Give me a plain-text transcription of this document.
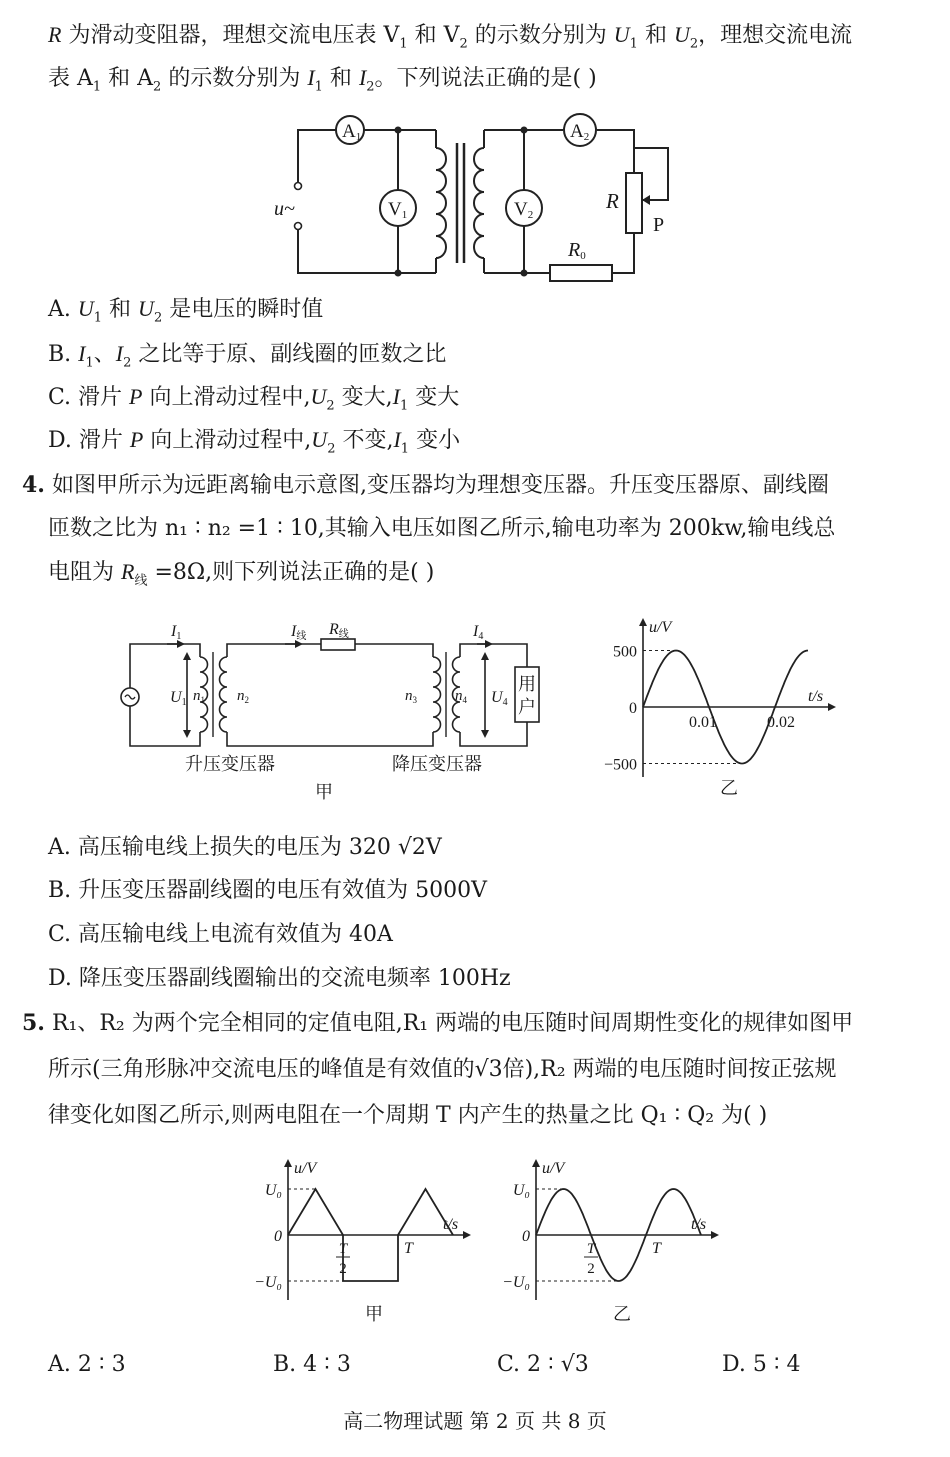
R 为滑动变阻器，理想交流电压表 $V_1$ 和 $V_2$ 的示数分别为 $U_1$ 和 $U_2$，理想交流电流
表 $A_1$ 和 $A_2$ 的示数分别为 $I_1$ 和 $I_2$。下列说法正确的是( )
A1	A2
V1	V2
u~	R
P
R0
A. $U_1$ 和 $U_2$ 是电压的瞬时值
B. $I_1$、$I_2$ 之比等于原、副线圈的匝数之比
C. 滑片 P 向上滑动过程中$,U_2$ 变大$,I_1$ 变大
D. 滑片 P 向上滑动过程中$,U_2$ 不变$,I_1$ 变小
4. 如图甲所示为远距离输电示意图,变压器均为理想变压器。升压变压器原、副线圈
匝数之比为 n₁ ∶ n₂ =1 ∶ 10,其输入电压如图乙所示,输电功率为 200kw,输电线总
电阻为 $R_线 =8\Omega$,则下列说法正确的是( )
I1	I线 R线	I4
U1 $n_1$ $n_2$	$n_3$	$n_4$ U4
用
户
升压变压器	降压变压器
甲
u/V
t/s
500
0
−500
0.01	0.02
乙
A. 高压输电线上损失的电压为 320 √2V
B. 升压变压器副线圈的电压有效值为 5000V
C. 高压输电线上电流有效值为 40A
D. 降压变压器副线圈输出的交流电频率 100Hz
5. R₁、R₂ 为两个完全相同的定值电阻,R₁ 两端的电压随时间周期性变化的规律如图甲
所示(三角形脉冲交流电压的峰值是有效值的√3倍),R₂ 两端的电压随时间按正弦规
律变化如图乙所示,则两电阻在一个周期 T 内产生的热量之比 Q₁ ∶ Q₂ 为( )
u/V
t/s
U₀
0
−U₀
T
2
T
甲
u/V
t/s
U₀
0
−U₀
T
2
T
乙
A. 2 ∶ 3	B. 4 ∶ 3	C. 2 ∶ √3	D. 5 ∶ 4
高二物理试题 第 2 页 共 8 页
